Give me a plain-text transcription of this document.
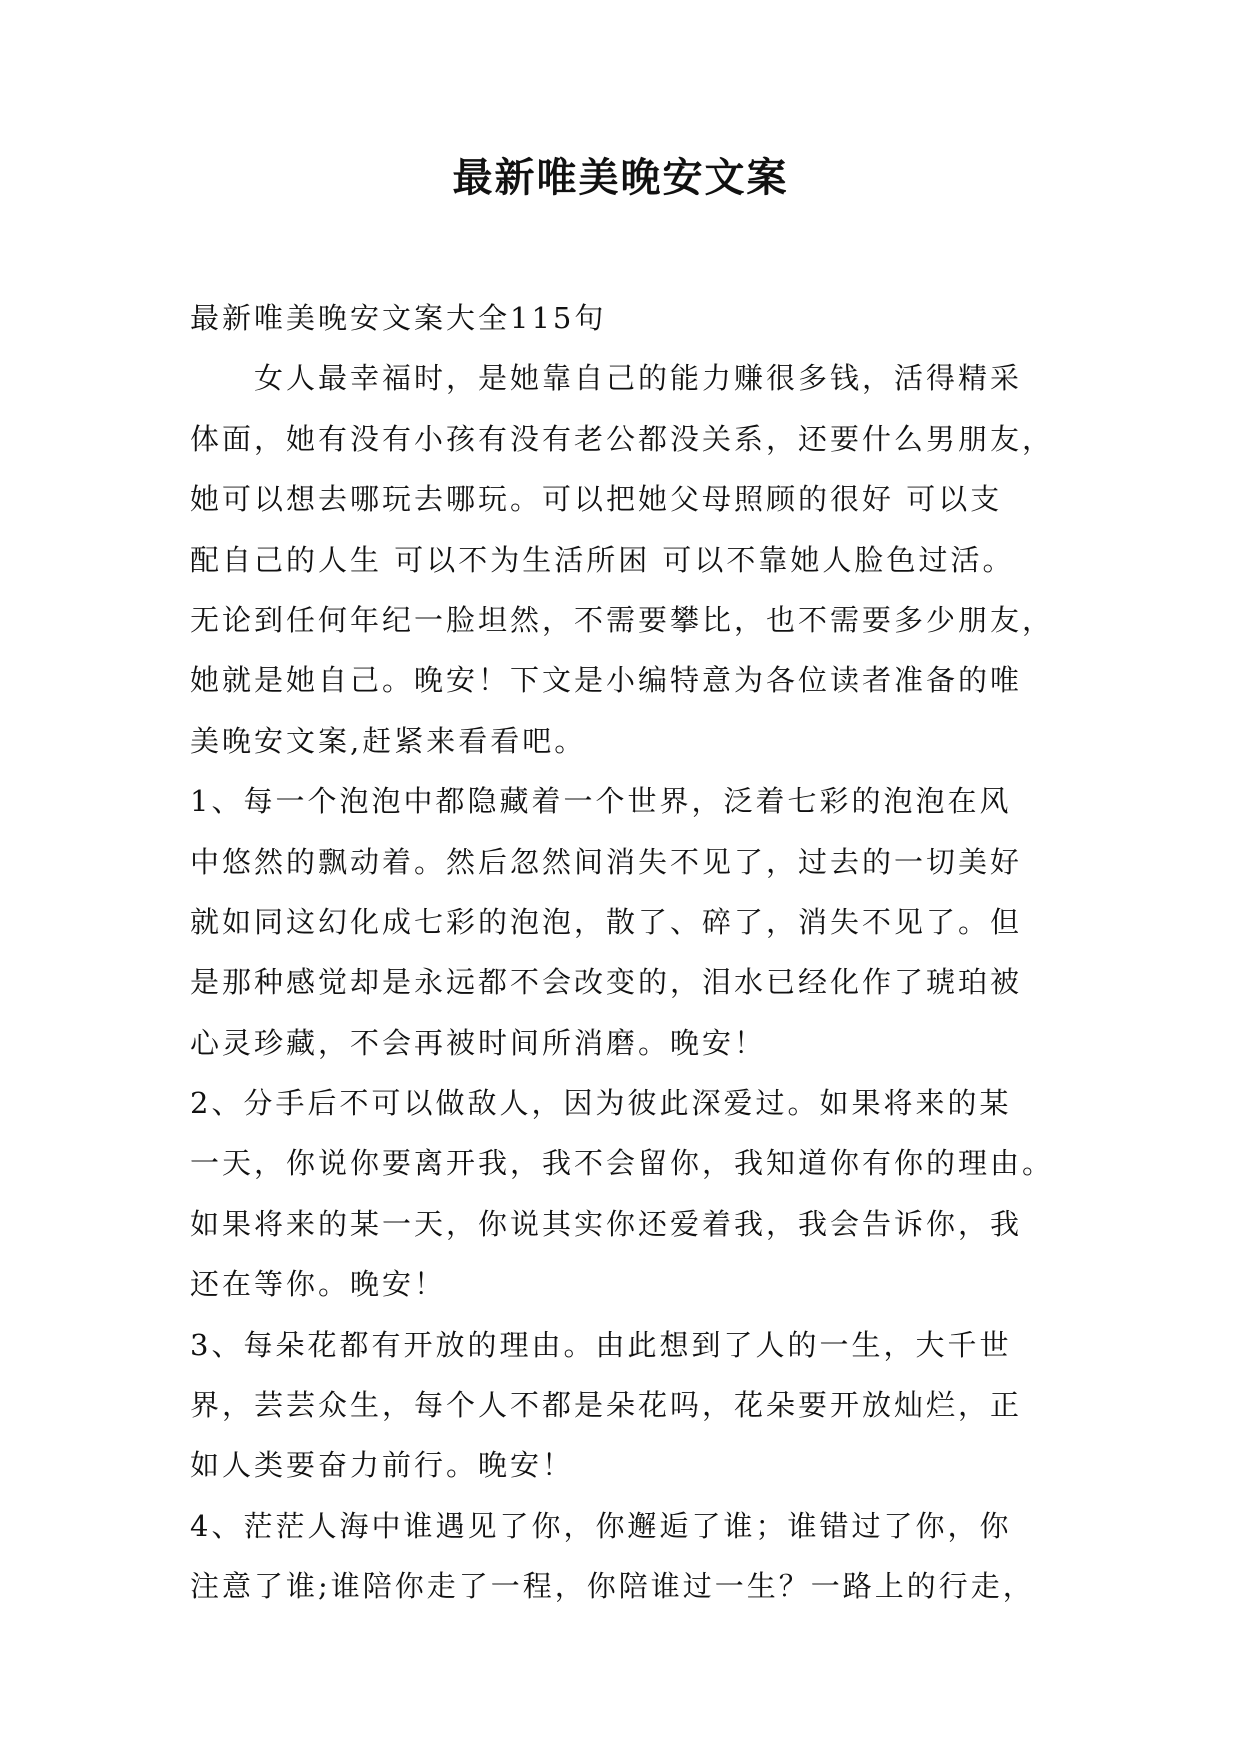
最新唯美晚安文案
最新唯美晚安文案大全115句
　　女人最幸福时，是她靠自己的能力赚很多钱，活得精采
体面，她有没有小孩有没有老公都没关系，还要什么男朋友，
她可以想去哪玩去哪玩。可以把她父母照顾的很好 可以支
配自己的人生 可以不为生活所困 可以不靠她人脸色过活。
无论到任何年纪一脸坦然，不需要攀比，也不需要多少朋友，
她就是她自己。晚安！下文是小编特意为各位读者准备的唯
美晚安文案,赶紧来看看吧。
1、每一个泡泡中都隐藏着一个世界，泛着七彩的泡泡在风
中悠然的飘动着。然后忽然间消失不见了，过去的一切美好
就如同这幻化成七彩的泡泡，散了、碎了，消失不见了。但
是那种感觉却是永远都不会改变的，泪水已经化作了琥珀被
心灵珍藏，不会再被时间所消磨。晚安！
2、分手后不可以做敌人，因为彼此深爱过。如果将来的某
一天，你说你要离开我，我不会留你，我知道你有你的理由。
如果将来的某一天，你说其实你还爱着我，我会告诉你，我
还在等你。晚安！
3、每朵花都有开放的理由。由此想到了人的一生，大千世
界，芸芸众生，每个人不都是朵花吗，花朵要开放灿烂，正
如人类要奋力前行。晚安！
4、茫茫人海中谁遇见了你，你邂逅了谁；谁错过了你，你
注意了谁;谁陪你走了一程，你陪谁过一生？一路上的行走，
